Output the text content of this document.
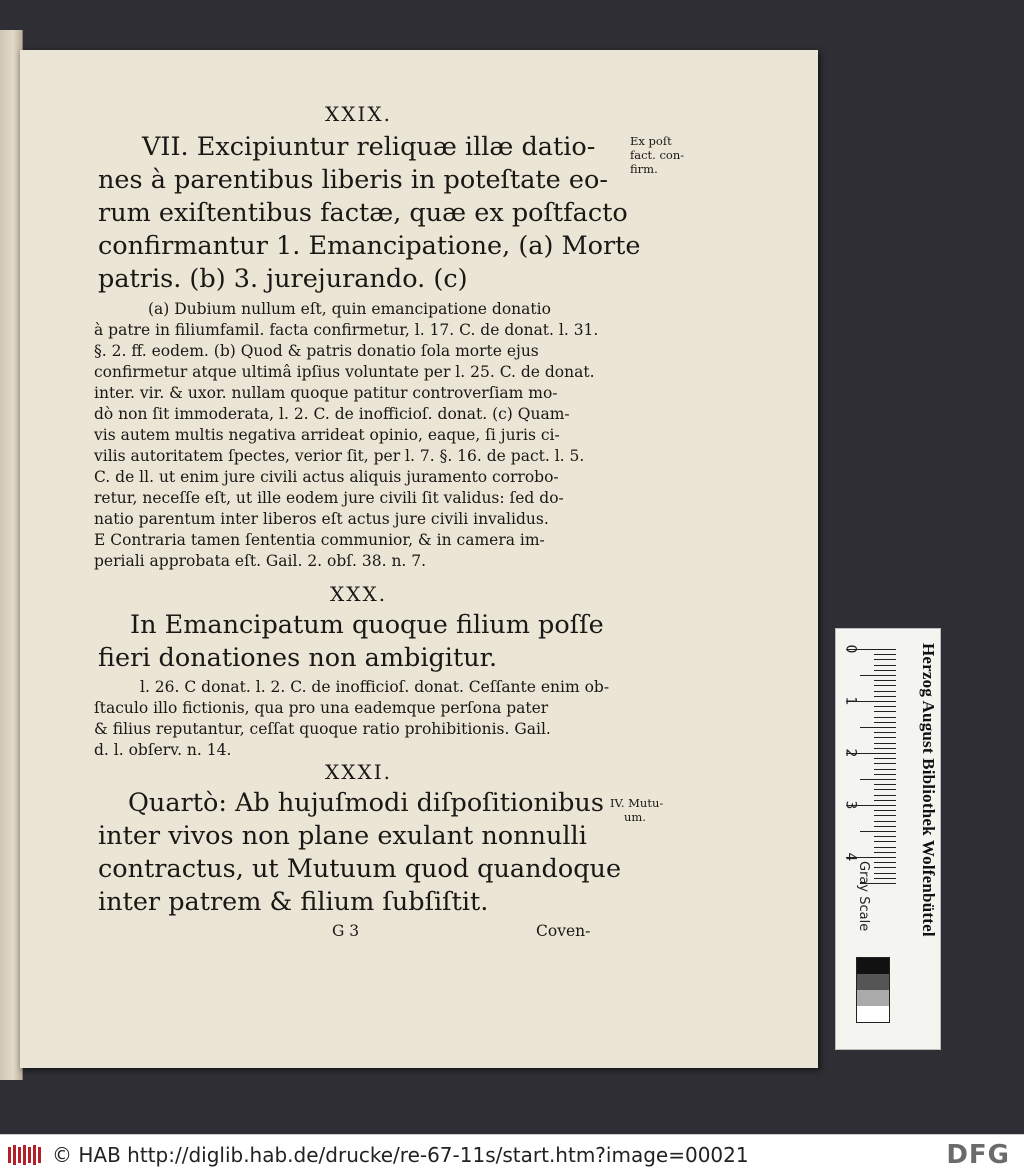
XXIX.
VII. Excipiuntur reliquæ illæ datio-
nes à parentibus liberis in poteſtate eo-
rum exiſtentibus factæ, quæ ex poſtfacto
confirmantur 1. Emancipatione, (a) Morte
patris. (b) 3. jurejurando. (c)
Ex poſt
fact. con-
firm.
(a) Dubium nullum eſt, quin emancipatione donatio
à patre in filiumfamil. facta confirmetur, l. 17. C. de donat. l. 31.
§. 2. ff. eodem. (b) Quod & patris donatio ſola morte ejus
confirmetur atque ultimâ ipſius voluntate per l. 25. C. de donat.
inter. vir. & uxor. nullam quoque patitur controverſiam mo-
dò non ſit immoderata, l. 2. C. de inofficioſ. donat. (c) Quam-
vis autem multis negativa arrideat opinio, eaque, ſi juris ci-
vilis autoritatem ſpectes, verior ſit, per l. 7. §. 16. de pact. l. 5.
C. de ll. ut enim jure civili actus aliquis juramento corrobo-
retur, neceſſe eſt, ut ille eodem jure civili ſit validus: ſed do-
natio parentum inter liberos eſt actus jure civili invalidus.
E Contraria tamen ſententia communior, & in camera im-
periali approbata eſt. Gail. 2. obſ. 38. n. 7.
XXX.
In Emancipatum quoque filium poſſe
fieri donationes non ambigitur.
l. 26. C donat. l. 2. C. de inofficioſ. donat. Ceſſante enim ob-
ſtaculo illo fictionis, qua pro una eademque perſona pater
& filius reputantur, ceſſat quoque ratio prohibitionis. Gail.
d. l. obſerv. n. 14.
XXXI.
Quartò: Ab hujuſmodi diſpoſitionibus
inter vivos non plane exulant nonnulli
contractus, ut Mutuum quod quandoque
inter patrem & filium ſubſiſtit.
IV. Mutu-
um.
G 3	Coven-
0
1
2
3
4	Herzog August Bibliothek Wolfenbüttel
Gray Scale
© HAB http://diglib.hab.de/drucke/re-67-11s/start.htm?image=00021	DFG
